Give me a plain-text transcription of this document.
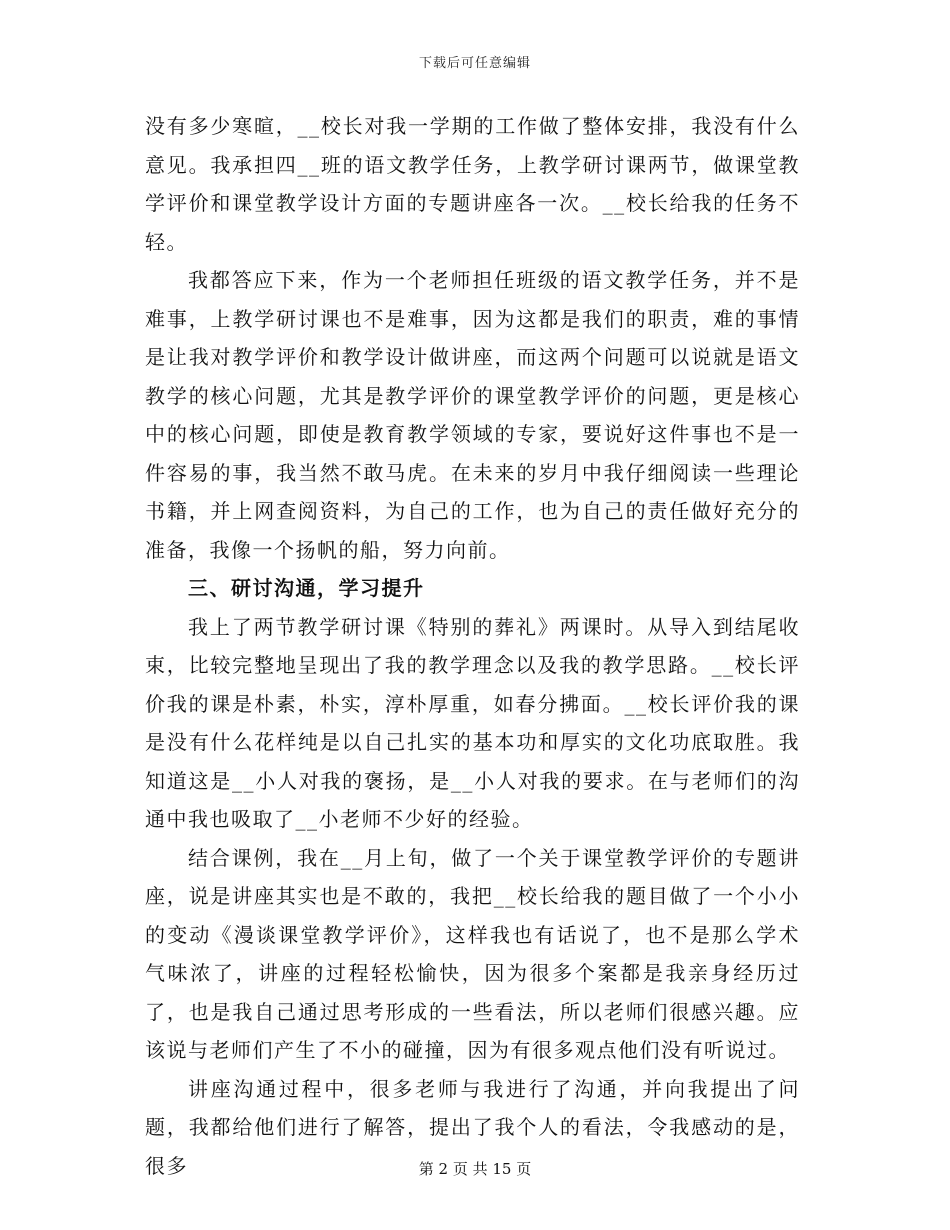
下载后可任意编辑

没有多少寒暄，__校长对我一学期的工作做了整体安排，我没有什么意见。我承担四__班的语文教学任务，上教学研讨课两节，做课堂教学评价和课堂教学设计方面的专题讲座各一次。__校长给我的任务不轻。

我都答应下来，作为一个老师担任班级的语文教学任务，并不是难事，上教学研讨课也不是难事，因为这都是我们的职责，难的事情是让我对教学评价和教学设计做讲座，而这两个问题可以说就是语文教学的核心问题，尤其是教学评价的课堂教学评价的问题，更是核心中的核心问题，即使是教育教学领域的专家，要说好这件事也不是一件容易的事，我当然不敢马虎。在未来的岁月中我仔细阅读一些理论书籍，并上网查阅资料，为自己的工作，也为自己的责任做好充分的准备，我像一个扬帆的船，努力向前。

三、研讨沟通，学习提升

我上了两节教学研讨课《特别的葬礼》两课时。从导入到结尾收束，比较完整地呈现出了我的教学理念以及我的教学思路。__校长评价我的课是朴素，朴实，淳朴厚重，如春分拂面。__校长评价我的课是没有什么花样纯是以自己扎实的基本功和厚实的文化功底取胜。我知道这是__小人对我的褒扬，是__小人对我的要求。在与老师们的沟通中我也吸取了__小老师不少好的经验。

结合课例，我在__月上旬，做了一个关于课堂教学评价的专题讲座，说是讲座其实也是不敢的，我把__校长给我的题目做了一个小小的变动《漫谈课堂教学评价》，这样我也有话说了，也不是那么学术气味浓了，讲座的过程轻松愉快，因为很多个案都是我亲身经历过了，也是我自己通过思考形成的一些看法，所以老师们很感兴趣。应该说与老师们产生了不小的碰撞，因为有很多观点他们没有听说过。

讲座沟通过程中，很多老师与我进行了沟通，并向我提出了问题，我都给他们进行了解答，提出了我个人的看法，令我感动的是，很多	第 2 页 共 15 页
